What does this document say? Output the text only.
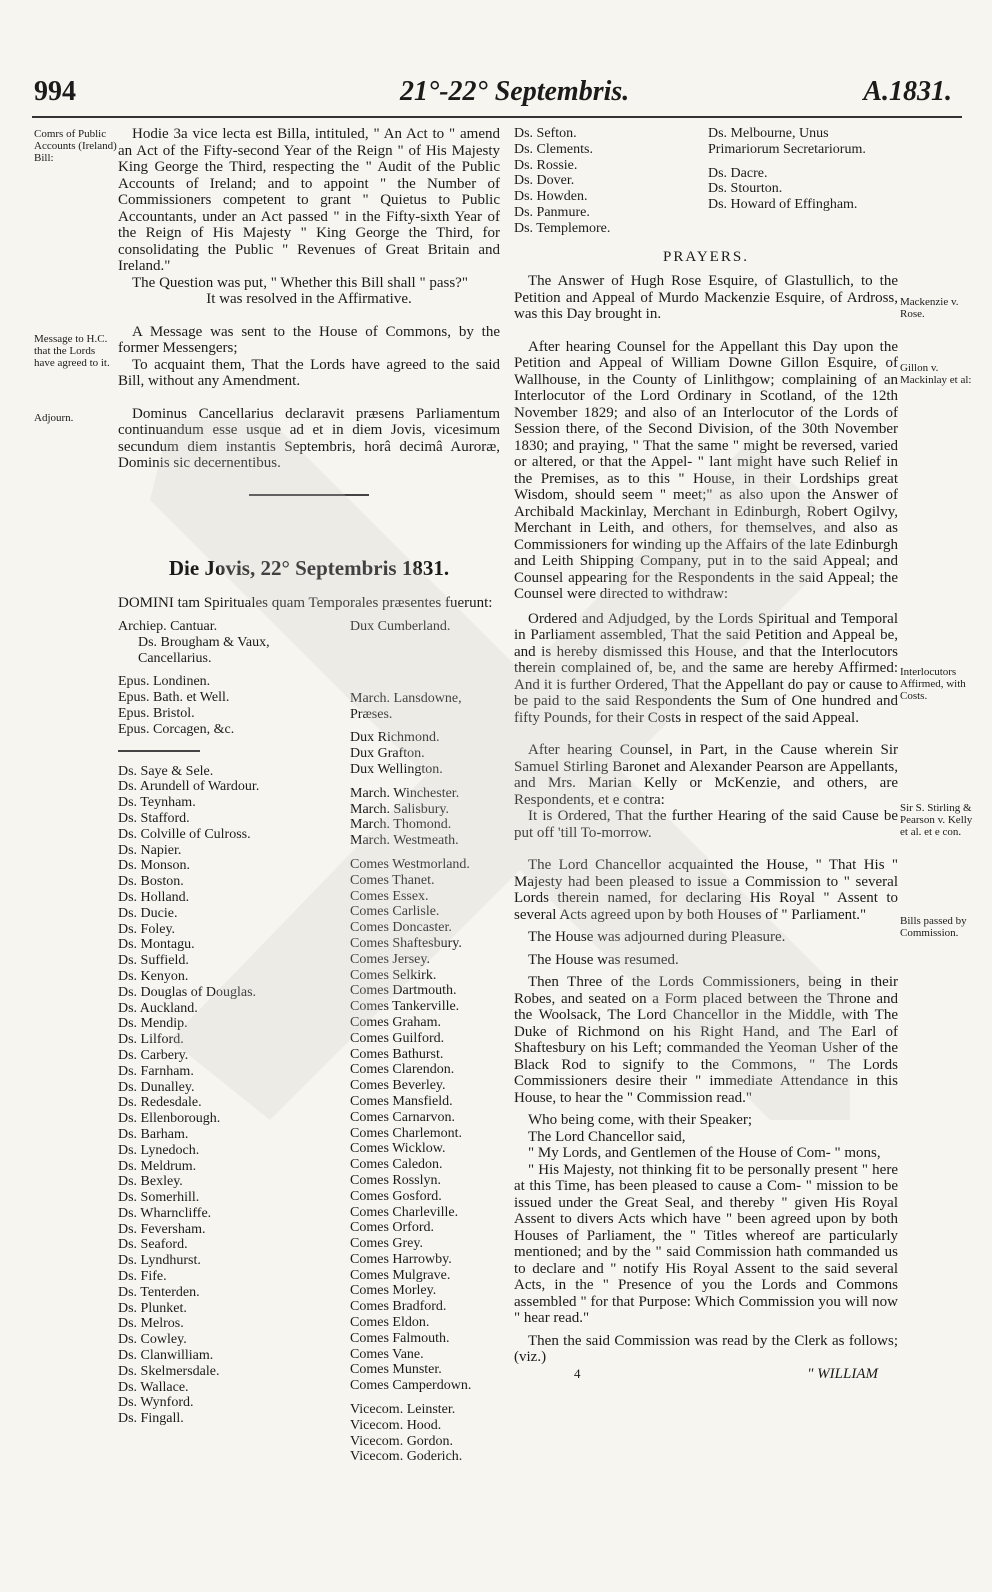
994	21°-22° Septembris.	A.1831.
Comrs of Public Accounts (Ireland) Bill:
Message to H.C. that the Lords have agreed to it.
Adjourn.

Hodie 3a vice lecta est Billa, intituled, " An Act to " amend an Act of the Fifty-second Year of the Reign " of His Majesty King George the Third, respecting the " Audit of the Public Accounts of Ireland; and to appoint " the Number of Commissioners competent to grant " Quietus to Public Accountants, under an Act passed " in the Fifty-sixth Year of the Reign of His Majesty " King George the Third, for consolidating the Public " Revenues of Great Britain and Ireland."

The Question was put, " Whether this Bill shall " pass?"

It was resolved in the Affirmative.

A Message was sent to the House of Commons, by the former Messengers;

To acquaint them, That the Lords have agreed to the said Bill, without any Amendment.

Dominus Cancellarius declaravit præsens Parliamentum continuandum esse usque ad et in diem Jovis, vicesimum secundum diem instantis Septembris, horâ decimâ Auroræ, Dominis sic decernentibus.

Die Jovis, 22° Septembris 1831.

DOMINI tam Spirituales quam Temporales præsentes fuerunt:

Archiep. Cantuar.
Ds. Brougham & Vaux, Cancellarius.
Epus. Londinen.
Epus. Bath. et Well.
Epus. Bristol.
Epus. Corcagen, &c.
Ds. Saye & Sele.
Ds. Arundell of Wardour.
Ds. Teynham.
Ds. Stafford.
Ds. Colville of Culross.
Ds. Napier.
Ds. Monson.
Ds. Boston.
Ds. Holland.
Ds. Ducie.
Ds. Foley.
Ds. Montagu.
Ds. Suffield.
Ds. Kenyon.
Ds. Douglas of Douglas.
Ds. Auckland.
Ds. Mendip.
Ds. Lilford.
Ds. Carbery.
Ds. Farnham.
Ds. Dunalley.
Ds. Redesdale.
Ds. Ellenborough.
Ds. Barham.
Ds. Lynedoch.
Ds. Meldrum.
Ds. Bexley.
Ds. Somerhill.
Ds. Wharncliffe.
Ds. Feversham.
Ds. Seaford.
Ds. Lyndhurst.
Ds. Fife.
Ds. Tenterden.
Ds. Plunket.
Ds. Melros.
Ds. Cowley.
Ds. Clanwilliam.
Ds. Skelmersdale.
Ds. Wallace.
Ds. Wynford.
Ds. Fingall.
Dux Cumberland.
March. Lansdowne, Præses.
Dux Richmond.
Dux Grafton.
Dux Wellington.
March. Winchester.
March. Salisbury.
March. Thomond.
March. Westmeath.
Comes Westmorland.
Comes Thanet.
Comes Essex.
Comes Carlisle.
Comes Doncaster.
Comes Shaftesbury.
Comes Jersey.
Comes Selkirk.
Comes Dartmouth.
Comes Tankerville.
Comes Graham.
Comes Guilford.
Comes Bathurst.
Comes Clarendon.
Comes Beverley.
Comes Mansfield.
Comes Carnarvon.
Comes Charlemont.
Comes Wicklow.
Comes Caledon.
Comes Rosslyn.
Comes Gosford.
Comes Charleville.
Comes Orford.
Comes Grey.
Comes Harrowby.
Comes Mulgrave.
Comes Morley.
Comes Bradford.
Comes Eldon.
Comes Falmouth.
Comes Vane.
Comes Munster.
Comes Camperdown.
Vicecom. Leinster.
Vicecom. Hood.
Vicecom. Gordon.
Vicecom. Goderich.
Ds. Sefton.
Ds. Clements.
Ds. Rossie.
Ds. Dover.
Ds. Howden.
Ds. Panmure.
Ds. Templemore.
Ds. Melbourne, Unus Primariorum Secretariorum.
Ds. Dacre.
Ds. Stourton.
Ds. Howard of Effingham.

PRAYERS.

The Answer of Hugh Rose Esquire, of Glastullich, to the Petition and Appeal of Murdo Mackenzie Esquire, of Ardross, was this Day brought in.

After hearing Counsel for the Appellant this Day upon the Petition and Appeal of William Downe Gillon Esquire, of Wallhouse, in the County of Linlithgow; complaining of an Interlocutor of the Lord Ordinary in Scotland, of the 12th November 1829; and also of an Interlocutor of the Lords of Session there, of the Second Division, of the 30th November 1830; and praying, " That the same " might be reversed, varied or altered, or that the Appel- " lant might have such Relief in the Premises, as to this " House, in their Lordships great Wisdom, should seem " meet;" as also upon the Answer of Archibald Mackinlay, Merchant in Edinburgh, Robert Ogilvy, Merchant in Leith, and others, for themselves, and also as Commissioners for winding up the Affairs of the late Edinburgh and Leith Shipping Company, put in to the said Appeal; and Counsel appearing for the Respondents in the said Appeal; the Counsel were directed to withdraw:

Ordered and Adjudged, by the Lords Spiritual and Temporal in Parliament assembled, That the said Petition and Appeal be, and is hereby dismissed this House, and that the Interlocutors therein complained of, be, and the same are hereby Affirmed: And it is further Ordered, That the Appellant do pay or cause to be paid to the said Respondents the Sum of One hundred and fifty Pounds, for their Costs in respect of the said Appeal.

After hearing Counsel, in Part, in the Cause wherein Sir Samuel Stirling Baronet and Alexander Pearson are Appellants, and Mrs. Marian Kelly or McKenzie, and others, are Respondents, et e contra:

It is Ordered, That the further Hearing of the said Cause be put off 'till To-morrow.

The Lord Chancellor acquainted the House, " That His " Majesty had been pleased to issue a Commission to " several Lords therein named, for declaring His Royal " Assent to several Acts agreed upon by both Houses of " Parliament."

The House was adjourned during Pleasure.

The House was resumed.

Then Three of the Lords Commissioners, being in their Robes, and seated on a Form placed between the Throne and the Woolsack, The Lord Chancellor in the Middle, with The Duke of Richmond on his Right Hand, and The Earl of Shaftesbury on his Left; commanded the Yeoman Usher of the Black Rod to signify to the Commons, " The Lords Commissioners desire their " immediate Attendance in this House, to hear the " Commission read."

Who being come, with their Speaker;

The Lord Chancellor said,

" My Lords, and Gentlemen of the House of Com- " mons,

" His Majesty, not thinking fit to be personally present " here at this Time, has been pleased to cause a Com- " mission to be issued under the Great Seal, and thereby " given His Royal Assent to divers Acts which have " been agreed upon by both Houses of Parliament, the " Titles whereof are particularly mentioned; and by the " said Commission hath commanded us to declare and " notify His Royal Assent to the said several Acts, in the " Presence of you the Lords and Commons assembled " for that Purpose: Which Commission you will now " hear read."

Then the said Commission was read by the Clerk as follows; (viz.)

4	" WILLIAM
Mackenzie v. Rose.
Gillon v. Mackinlay et al:
Interlocutors Affirmed, with Costs.
Sir S. Stirling & Pearson v. Kelly et al. et e con.
Bills passed by Commission.
